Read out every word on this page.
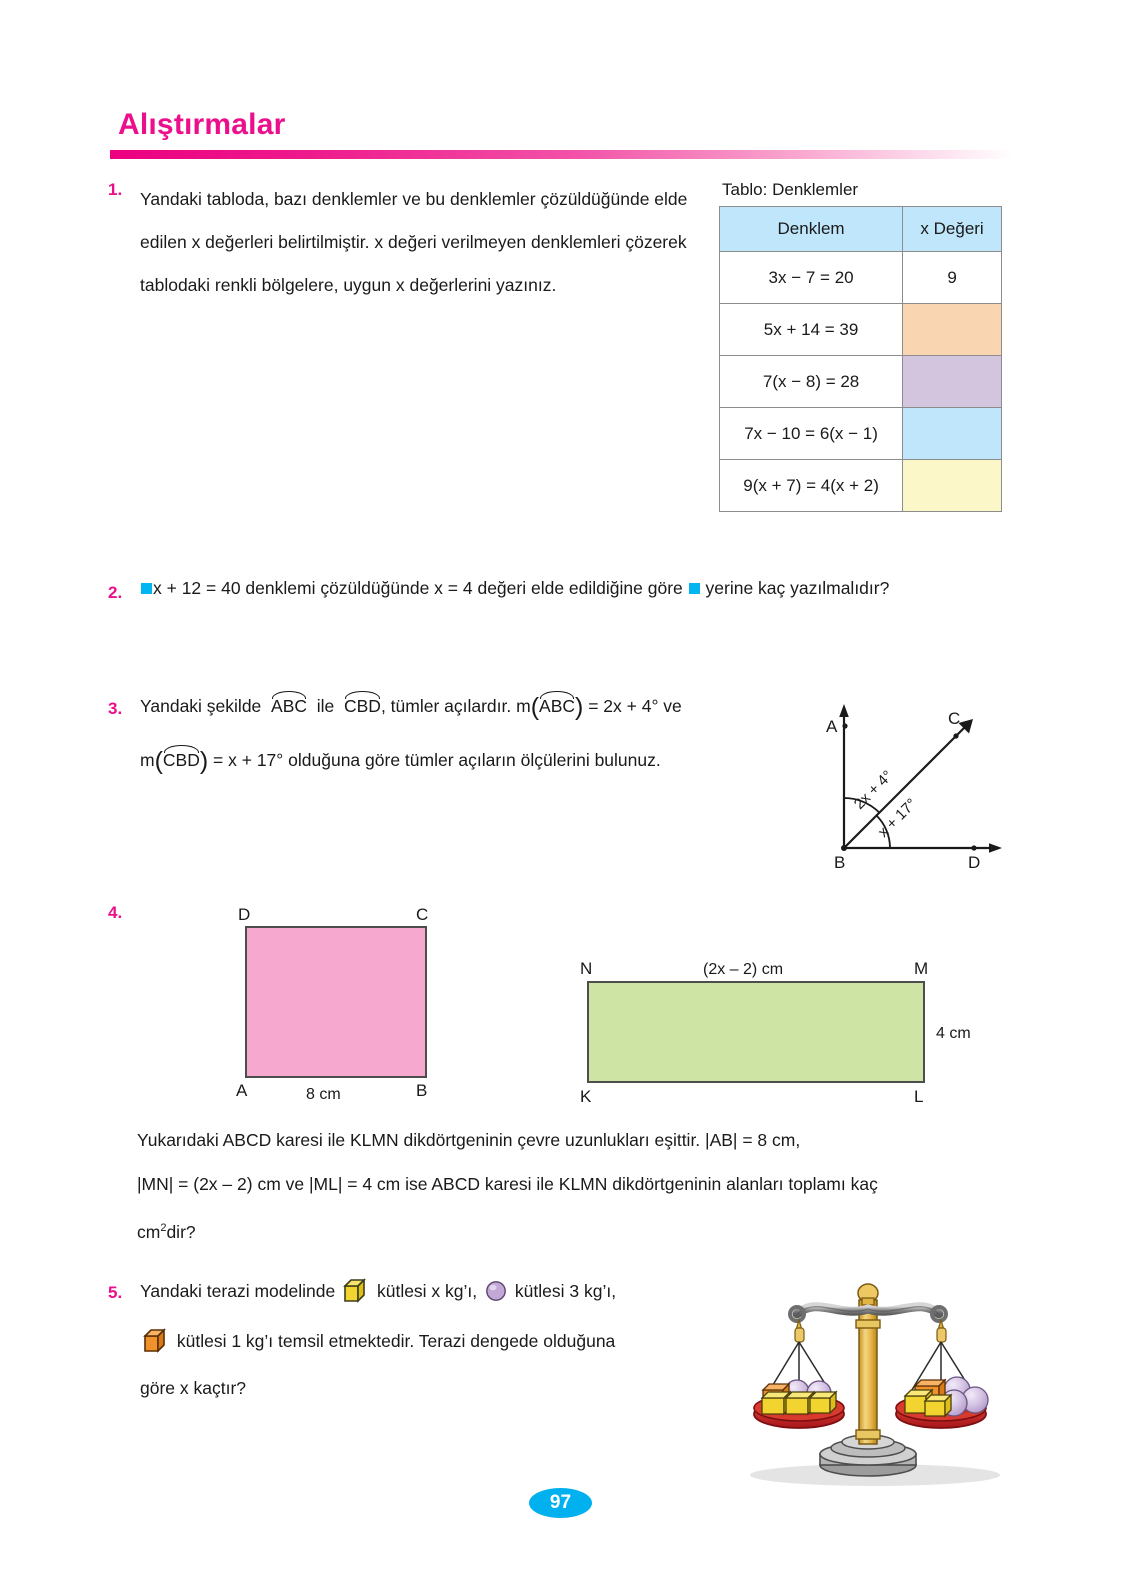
Alıştırmalar
1. Yandaki tabloda, bazı denklemler ve bu denklemler çözüldüğünde elde edilen x değerleri belirtilmiştir. x değeri verilmeyen denklemleri çözerek tablodaki renkli bölgelere, uygun x değerlerini yazınız.
Tablo: Denklemler
Denklem	x Değeri
3x − 7 = 20	9
5x + 14 = 39	
7(x − 8) = 28	
7x − 10 = 6(x − 1)	
9(x + 7) = 4(x + 2)	
2.	x + 12 = 40 denklemi çözüldüğünde x = 4 değeri elde edildiğine göre yerine kaç yazılmalıdır?
3. Yandaki şekilde ABC ile CBD, tümler açılardır. m(ABC) = 2x + 4° ve
m(CBD) = x + 17° olduğuna göre tümler açıların ölçülerini bulunuz.
A
B
C
D
2x + 4°
x + 17°
4.	D	C
A	B
8 cm
N	M
K	L
(2x – 2) cm
4 cm
Yukarıdaki ABCD karesi ile KLMN dikdörtgeninin çevre uzunlukları eşittir. |AB| = 8 cm,
|MN| = (2x – 2) cm ve |ML| = 4 cm ise ABCD karesi ile KLMN dikdörtgeninin alanları toplamı kaç
$cm^2dir$?
5. Yandaki terazi modelinde kütlesi x kg’ı, kütlesi 3 kg’ı,
kütlesi 1 kg’ı temsil etmektedir. Terazi dengede olduğuna
göre x kaçtır?
97
